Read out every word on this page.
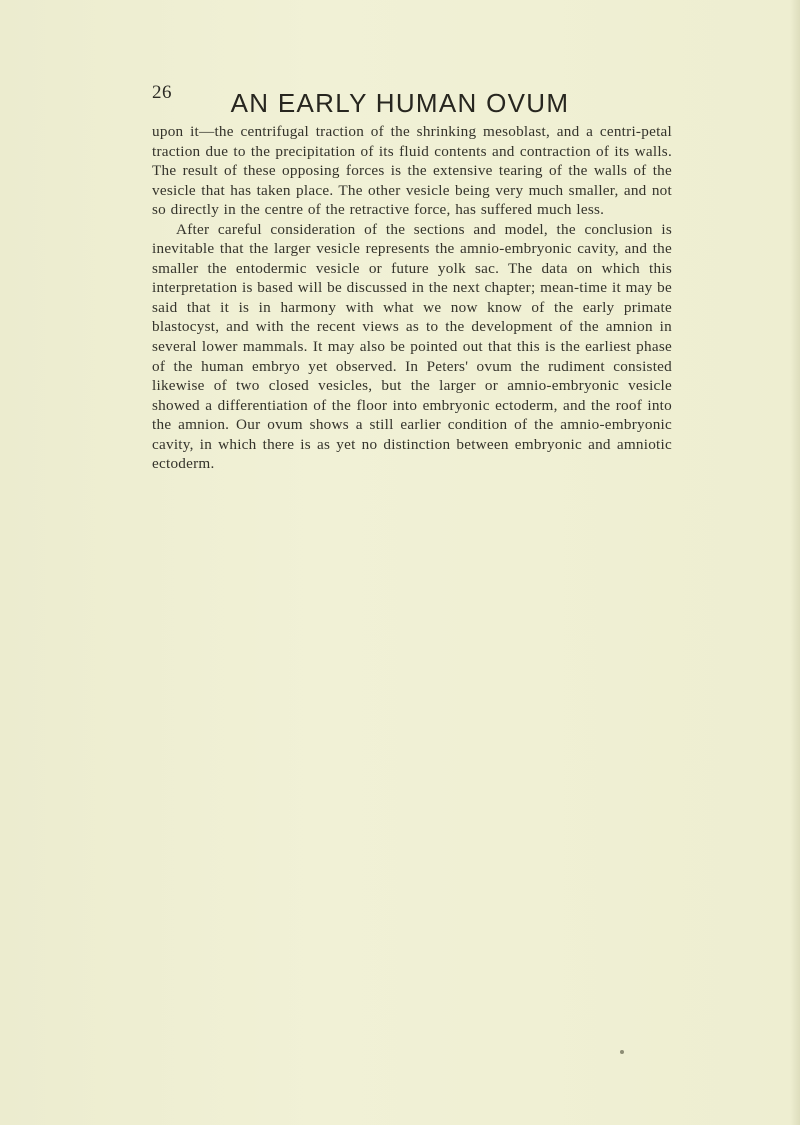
26	AN EARLY HUMAN OVUM

upon it—the centrifugal traction of the shrinking mesoblast, and a centri-petal traction due to the precipitation of its fluid contents and contraction of its walls. The result of these opposing forces is the extensive tearing of the walls of the vesicle that has taken place. The other vesicle being very much smaller, and not so directly in the centre of the retractive force, has suffered much less.

After careful consideration of the sections and model, the conclusion is inevitable that the larger vesicle represents the amnio-embryonic cavity, and the smaller the entodermic vesicle or future yolk sac. The data on which this interpretation is based will be discussed in the next chapter; mean-time it may be said that it is in harmony with what we now know of the early primate blastocyst, and with the recent views as to the development of the amnion in several lower mammals. It may also be pointed out that this is the earliest phase of the human embryo yet observed. In Peters' ovum the rudiment consisted likewise of two closed vesicles, but the larger or amnio-embryonic vesicle showed a differentiation of the floor into embryonic ectoderm, and the roof into the amnion. Our ovum shows a still earlier condition of the amnio-embryonic cavity, in which there is as yet no distinction between embryonic and amniotic ectoderm.
